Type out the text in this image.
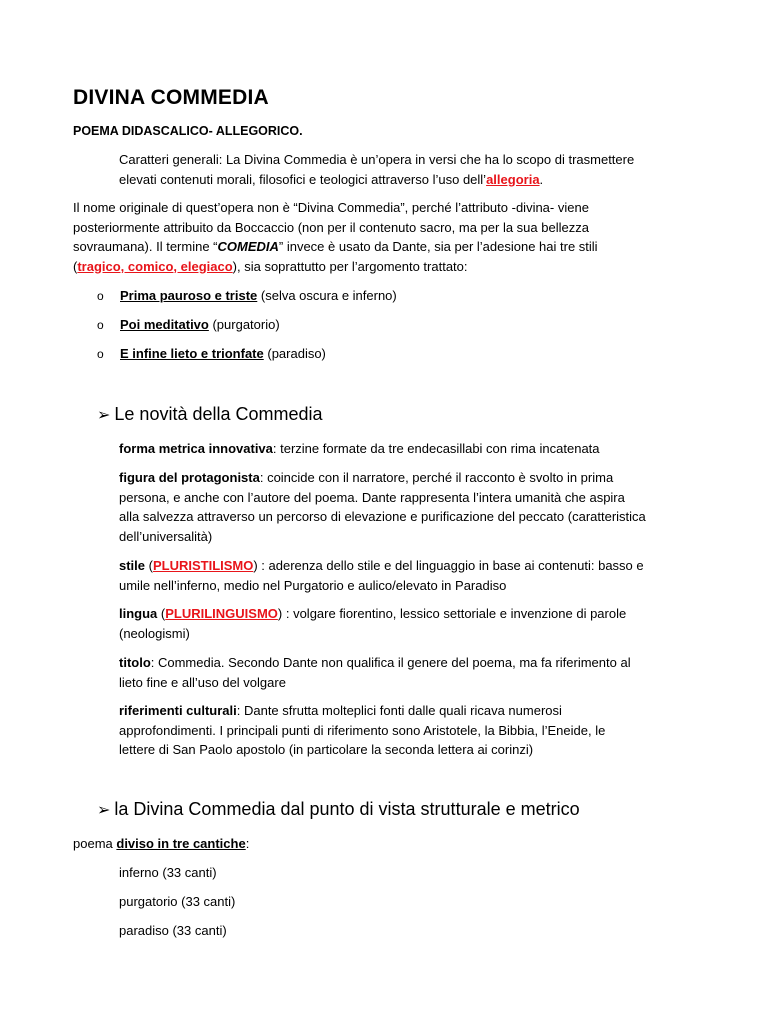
DIVINA COMMEDIA
POEMA DIDASCALICO- ALLEGORICO.
Caratteri generali: La Divina Commedia è un’opera in versi che ha lo scopo di trasmettere
elevati contenuti morali, filosofici e teologici attraverso l’uso dell’allegoria.
Il nome originale di quest’opera non è “Divina Commedia”, perché l’attributo -divina- viene
posteriormente attribuito da Boccaccio (non per il contenuto sacro, ma per la sua bellezza
sovraumana). Il termine “COMEDIA” invece è usato da Dante, sia per l’adesione hai tre stili
(tragico, comico, elegiaco), sia soprattutto per l’argomento trattato:
o Prima pauroso e triste (selva oscura e inferno)
o Poi meditativo (purgatorio)
o E infine lieto e trionfate (paradiso)
➢ Le novità della Commedia
forma metrica innovativa: terzine formate da tre endecasillabi con rima incatenata
figura del protagonista: coincide con il narratore, perché il racconto è svolto in prima
persona, e anche con l’autore del poema. Dante rappresenta l’intera umanità che aspira
alla salvezza attraverso un percorso di elevazione e purificazione del peccato (caratteristica
dell’universalità)
stile (PLURISTILISMO) : aderenza dello stile e del linguaggio in base ai contenuti: basso e
umile nell’inferno, medio nel Purgatorio e aulico/elevato in Paradiso
lingua (PLURILINGUISMO) : volgare fiorentino, lessico settoriale e invenzione di parole
(neologismi)
titolo: Commedia. Secondo Dante non qualifica il genere del poema, ma fa riferimento al
lieto fine e all’uso del volgare
riferimenti culturali: Dante sfrutta molteplici fonti dalle quali ricava numerosi
approfondimenti. I principali punti di riferimento sono Aristotele, la Bibbia, l’Eneide, le
lettere di San Paolo apostolo (in particolare la seconda lettera ai corinzi)
➢ la Divina Commedia dal punto di vista strutturale e metrico
poema diviso in tre cantiche:
inferno (33 canti)
purgatorio (33 canti)
paradiso (33 canti)
